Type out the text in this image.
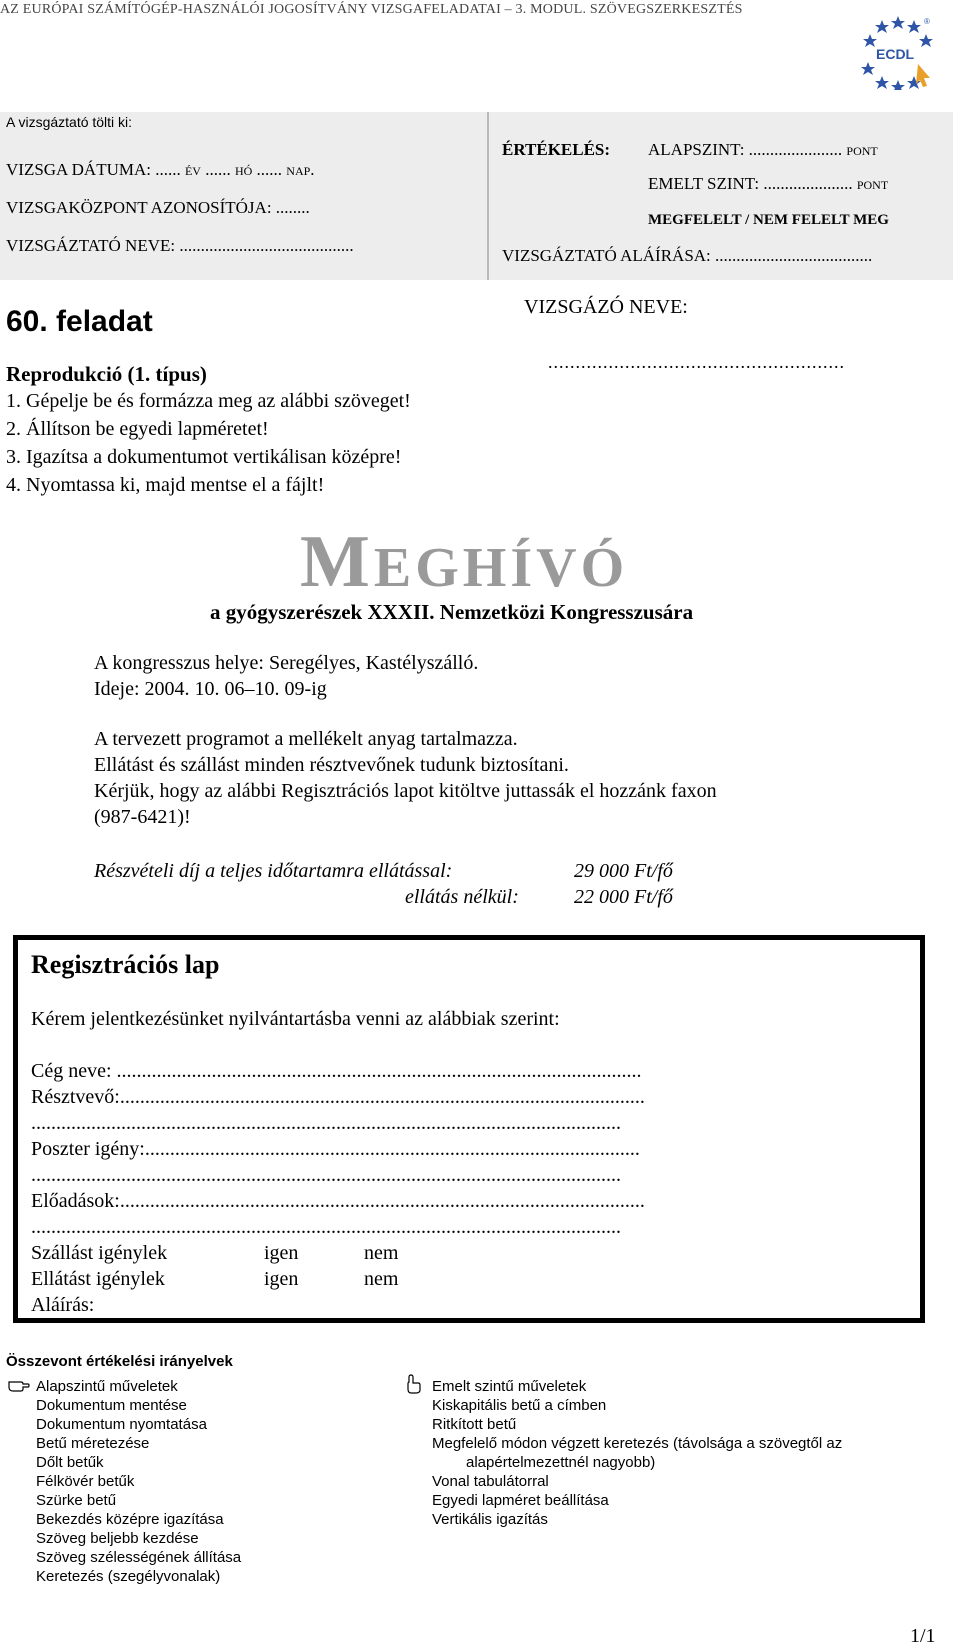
AZ EURÓPAI SZÁMÍTÓGÉP-HASZNÁLÓI JOGOSÍTVÁNY VIZSGAFELADATAI – 3. MODUL. SZÖVEGSZERKESZTÉS
ECDL
®
A vizsgáztató tölti ki:
VIZSGA DÁTUMA: ...... év ...... hó ...... nap.
VIZSGAKÖZPONT AZONOSÍTÓJA: ........
VIZSGÁZTATÓ NEVE: .........................................
ÉRTÉKELÉS: ALAPSZINT: ...................... pont
EMELT SZINT: ..................... pont
MEGFELELT / NEM FELELT MEG
VIZSGÁZTATÓ ALÁÍRÁSA: .....................................
60. feladat	VIZSGÁZÓ NEVE:
......................................................
Reprodukció (1. típus)
1. Gépelje be és formázza meg az alábbi szöveget!
2. Állítson be egyedi lapméretet!
3. Igazítsa a dokumentumot vertikálisan középre!
4. Nyomtassa ki, majd mentse el a fájlt!
MEGHÍVÓ
a gyógyszerészek XXXII. Nemzetközi Kongresszusára
A kongresszus helye: Seregélyes, Kastélyszálló.
Ideje: 2004. 10. 06–10. 09-ig
A tervezett programot a mellékelt anyag tartalmazza.
Ellátást és szállást minden résztvevőnek tudunk biztosítani.
Kérjük, hogy az alábbi Regisztrációs lapot kitöltve juttassák el hozzánk faxon
(987-6421)!
Részvételi díj a teljes időtartamra ellátással:	29 000 Ft/fő
ellátás nélkül:	22 000 Ft/fő
Regisztrációs lap
Kérem jelentkezésünket nyilvántartásba venni az alábbiak szerint:
Cég neve: .........................................................................................................
Résztvevő:.........................................................................................................
......................................................................................................................
Poszter igény:...................................................................................................
......................................................................................................................
Előadások:.........................................................................................................
......................................................................................................................
Szállást igénylek	igen	nem
Ellátást igénylek	igen	nem
Aláírás:
Összevont értékelési irányelvek
Alapszintű műveletek
Dokumentum mentése
Dokumentum nyomtatása
Betű méretezése
Dőlt betűk
Félkövér betűk
Szürke betű
Bekezdés középre igazítása
Szöveg beljebb kezdése
Szöveg szélességének állítása
Keretezés (szegélyvonalak)
Emelt szintű műveletek
Kiskapitális betű a címben
Ritkított betű
Megfelelő módon végzett keretezés (távolsága a szövegtől az
alapértelmezettnél nagyobb)
Vonal tabulátorral
Egyedi lapméret beállítása
Vertikális igazítás
1/1
